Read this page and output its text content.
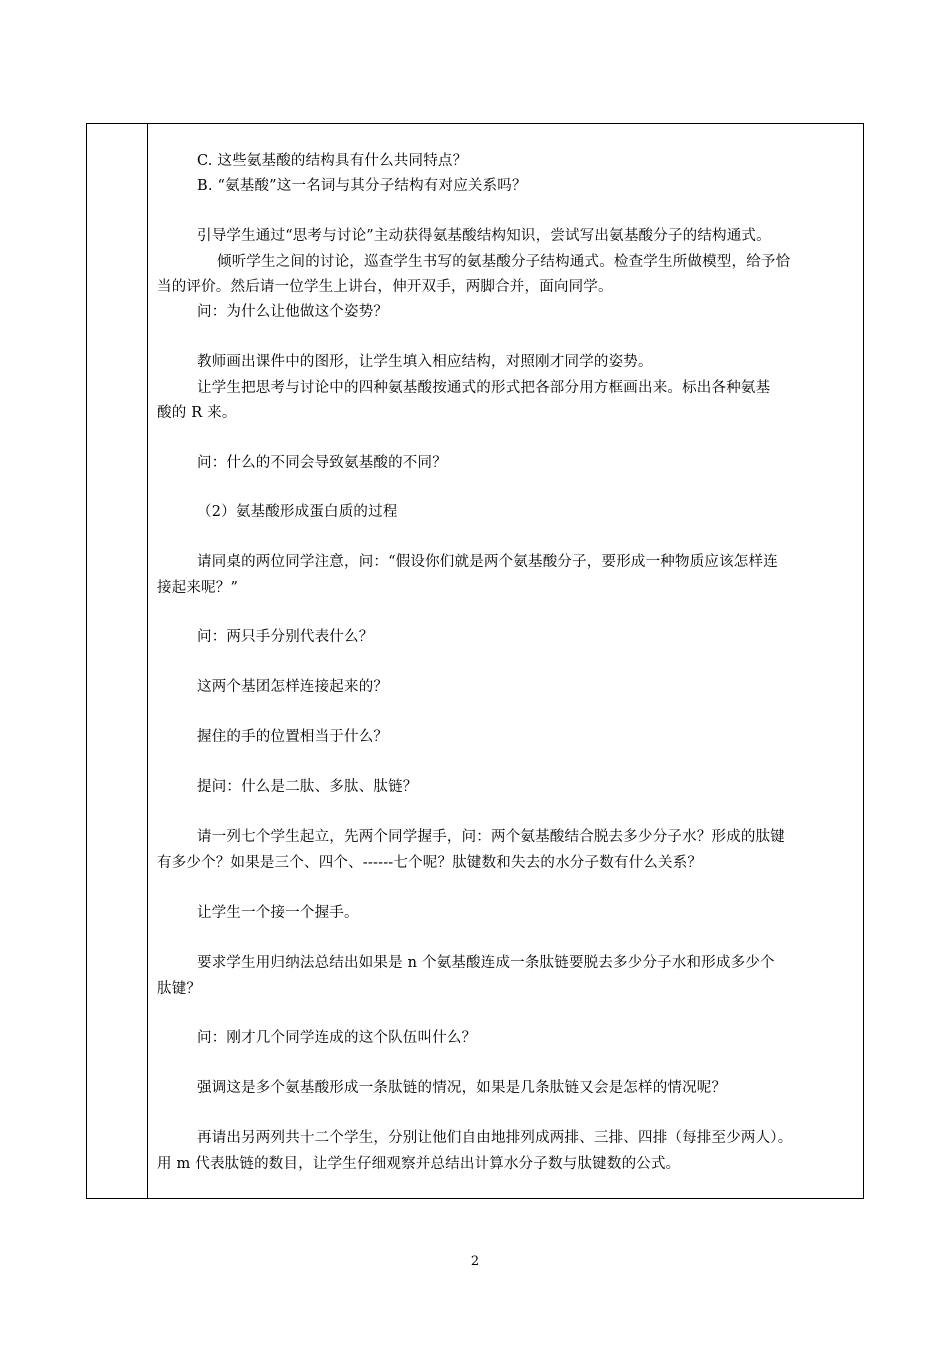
C. 这些氨基酸的结构具有什么共同特点？
B. “氨基酸”这一名词与其分子结构有对应关系吗？
引导学生通过“思考与讨论”主动获得氨基酸结构知识，尝试写出氨基酸分子的结构通式。
倾听学生之间的讨论，巡查学生书写的氨基酸分子结构通式。检查学生所做模型，给予恰
当的评价。然后请一位学生上讲台，伸开双手，两脚合并，面向同学。
问：为什么让他做这个姿势？
教师画出课件中的图形，让学生填入相应结构，对照刚才同学的姿势。
让学生把思考与讨论中的四种氨基酸按通式的形式把各部分用方框画出来。标出各种氨基
酸的 R 来。
问：什么的不同会导致氨基酸的不同？
（2）氨基酸形成蛋白质的过程
请同桌的两位同学注意，问：“假设你们就是两个氨基酸分子，要形成一种物质应该怎样连
接起来呢？”
问：两只手分别代表什么？
这两个基团怎样连接起来的？
握住的手的位置相当于什么？
提问：什么是二肽、多肽、肽链？
请一列七个学生起立，先两个同学握手，问：两个氨基酸结合脱去多少分子水？形成的肽键
有多少个？如果是三个、四个、------七个呢？肽键数和失去的水分子数有什么关系？
让学生一个接一个握手。
要求学生用归纳法总结出如果是 n 个氨基酸连成一条肽链要脱去多少分子水和形成多少个
肽键？
问：刚才几个同学连成的这个队伍叫什么？
强调这是多个氨基酸形成一条肽链的情况，如果是几条肽链又会是怎样的情况呢？
再请出另两列共十二个学生，分别让他们自由地排列成两排、三排、四排（每排至少两人）。
用 m 代表肽链的数目，让学生仔细观察并总结出计算水分子数与肽键数的公式。
2
